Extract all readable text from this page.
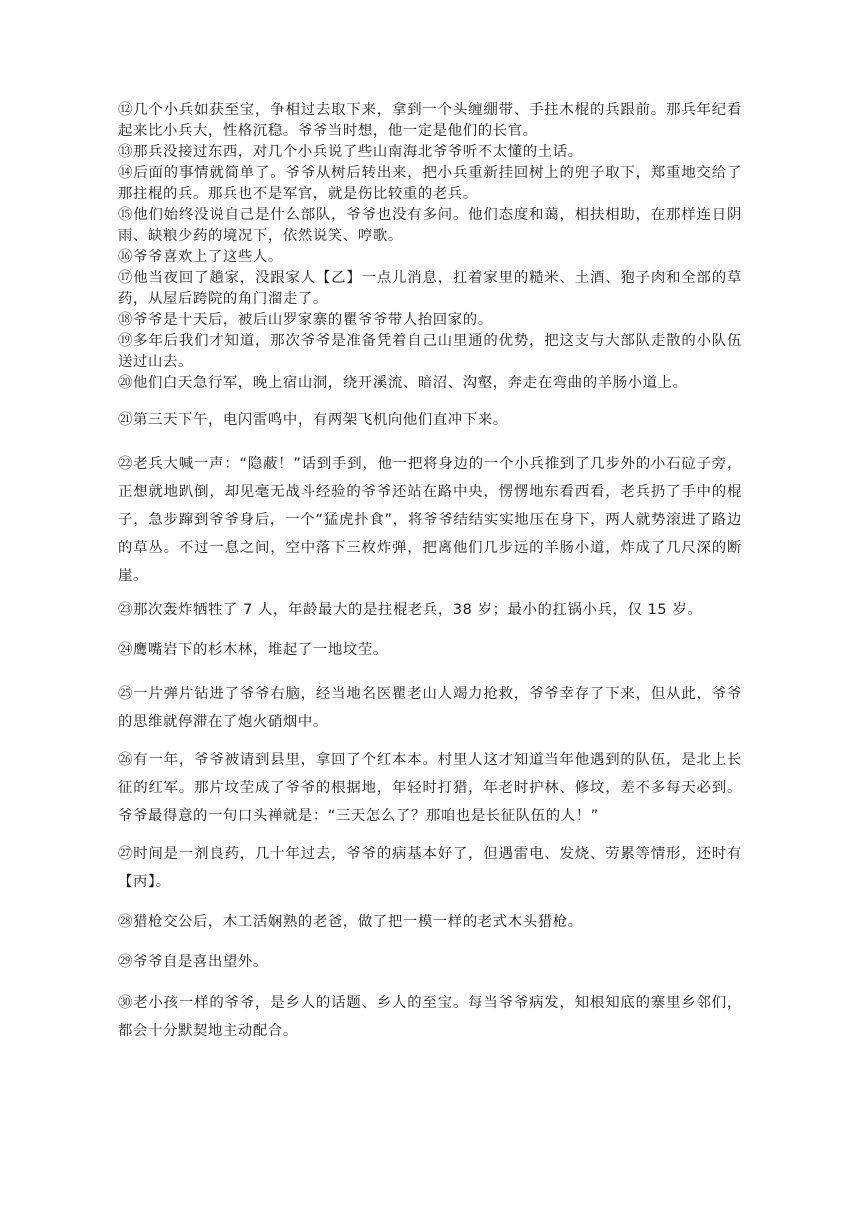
⑫几个小兵如获至宝，争相过去取下来，拿到一个头缠绷带、手拄木棍的兵跟前。那兵年纪看起来比小兵大，性格沉稳。爷爷当时想，他一定是他们的长官。

⑬那兵没接过东西，对几个小兵说了些山南海北爷爷听不太懂的土话。

⑭后面的事情就简单了。爷爷从树后转出来，把小兵重新挂回树上的兜子取下，郑重地交给了那拄棍的兵。那兵也不是军官，就是伤比较重的老兵。

⑮他们始终没说自己是什么部队，爷爷也没有多问。他们态度和蔼，相扶相助，在那样连日阴雨、缺粮少药的境况下，依然说笑、哼歌。

⑯爷爷喜欢上了这些人。

⑰他当夜回了趟家，没跟家人【乙】一点儿消息，扛着家里的糙米、土酒、狍子肉和全部的草药，从屋后跨院的角门溜走了。

⑱爷爷是十天后，被后山罗家寨的瞿爷爷带人抬回家的。

⑲多年后我们才知道，那次爷爷是准备凭着自己山里通的优势，把这支与大部队走散的小队伍送过山去。

⑳他们白天急行军，晚上宿山洞，绕开溪流、暗沼、沟壑，奔走在弯曲的羊肠小道上。

㉑第三天下午，电闪雷鸣中，有两架飞机向他们直冲下来。

㉒老兵大喊一声：“隐蔽！”话到手到，他一把将身边的一个小兵推到了几步外的小石砬子旁，正想就地趴倒，却见毫无战斗经验的爷爷还站在路中央，愣愣地东看西看，老兵扔了手中的棍子，急步蹿到爷爷身后，一个“猛虎扑食”，将爷爷结结实实地压在身下，两人就势滚进了路边的草丛。不过一息之间，空中落下三枚炸弹，把离他们几步远的羊肠小道，炸成了几尺深的断崖。

㉓那次轰炸牺牲了 7 人，年龄最大的是拄棍老兵，38 岁；最小的扛锅小兵，仅 15 岁。

㉔鹰嘴岩下的杉木林，堆起了一地坟茔。

㉕一片弹片钻进了爷爷右脑，经当地名医瞿老山人竭力抢救，爷爷幸存了下来，但从此，爷爷的思维就停滞在了炮火硝烟中。

㉖有一年，爷爷被请到县里，拿回了个红本本。村里人这才知道当年他遇到的队伍，是北上长征的红军。那片坟茔成了爷爷的根据地，年轻时打猎，年老时护林、修坟，差不多每天必到。爷爷最得意的一句口头禅就是：“三天怎么了？那咱也是长征队伍的人！”

㉗时间是一剂良药，几十年过去，爷爷的病基本好了，但遇雷电、发烧、劳累等情形，还时有【丙】。

㉘猎枪交公后，木工活娴熟的老爸，做了把一模一样的老式木头猎枪。

㉙爷爷自是喜出望外。

㉚老小孩一样的爷爷，是乡人的话题、乡人的至宝。每当爷爷病发，知根知底的寨里乡邻们，都会十分默契地主动配合。
